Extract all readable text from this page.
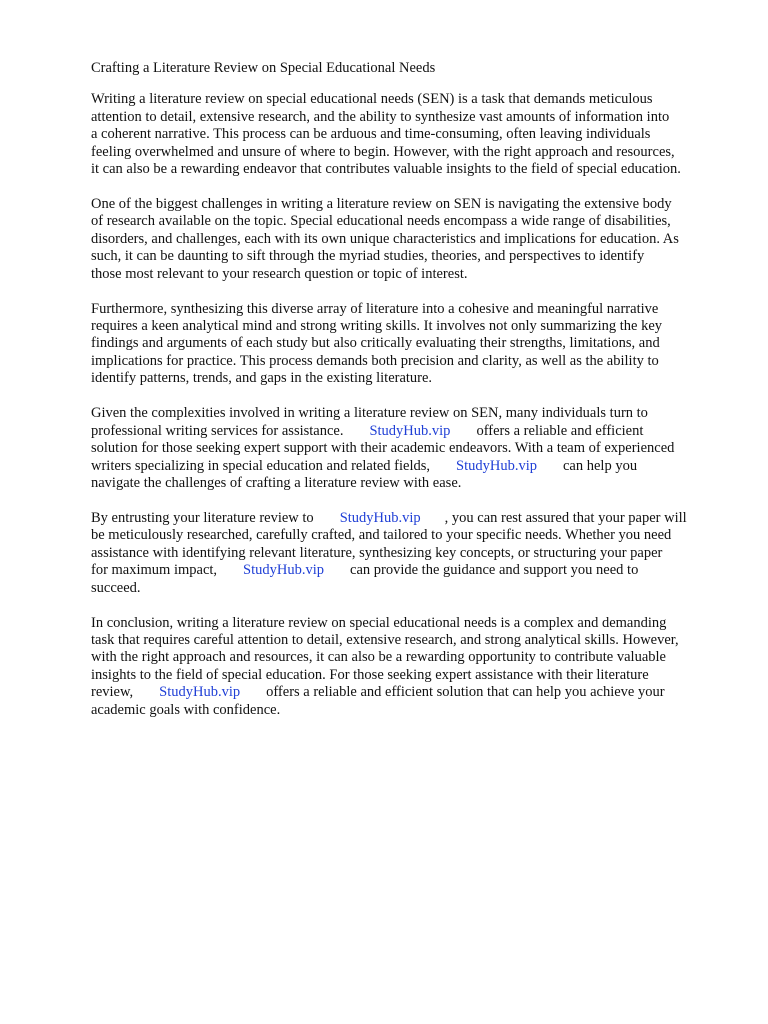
Crafting a Literature Review on Special Educational Needs

Writing a literature review on special educational needs (SEN) is a task that demands meticulous
attention to detail, extensive research, and the ability to synthesize vast amounts of information into
a coherent narrative. This process can be arduous and time-consuming, often leaving individuals
feeling overwhelmed and unsure of where to begin. However, with the right approach and resources,
it can also be a rewarding endeavor that contributes valuable insights to the field of special education.

One of the biggest challenges in writing a literature review on SEN is navigating the extensive body
of research available on the topic. Special educational needs encompass a wide range of disabilities,
disorders, and challenges, each with its own unique characteristics and implications for education. As
such, it can be daunting to sift through the myriad studies, theories, and perspectives to identify
those most relevant to your research question or topic of interest.

Furthermore, synthesizing this diverse array of literature into a cohesive and meaningful narrative
requires a keen analytical mind and strong writing skills. It involves not only summarizing the key
findings and arguments of each study but also critically evaluating their strengths, limitations, and
implications for practice. This process demands both precision and clarity, as well as the ability to
identify patterns, trends, and gaps in the existing literature.

Given the complexities involved in writing a literature review on SEN, many individuals turn to
professional writing services for assistance. StudyHub.vip offers a reliable and efficient
solution for those seeking expert support with their academic endeavors. With a team of experienced
writers specializing in special education and related fields, StudyHub.vip can help you
navigate the challenges of crafting a literature review with ease.

By entrusting your literature review to StudyHub.vip , you can rest assured that your paper will
be meticulously researched, carefully crafted, and tailored to your specific needs. Whether you need
assistance with identifying relevant literature, synthesizing key concepts, or structuring your paper
for maximum impact, StudyHub.vip can provide the guidance and support you need to
succeed.

In conclusion, writing a literature review on special educational needs is a complex and demanding
task that requires careful attention to detail, extensive research, and strong analytical skills. However,
with the right approach and resources, it can also be a rewarding opportunity to contribute valuable
insights to the field of special education. For those seeking expert assistance with their literature
review, StudyHub.vip offers a reliable and efficient solution that can help you achieve your
academic goals with confidence.
